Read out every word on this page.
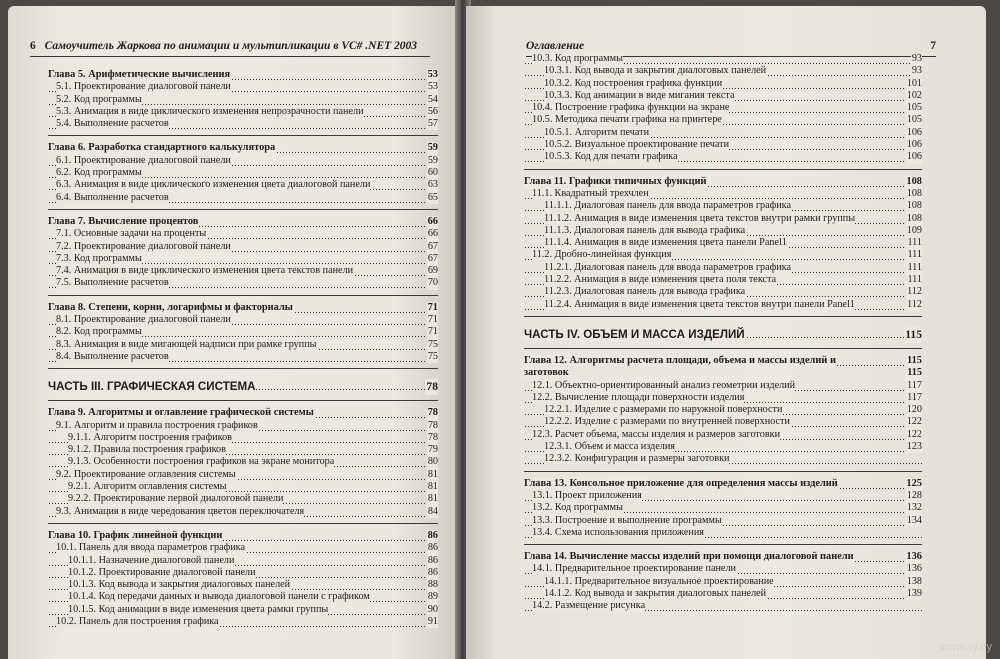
6 Самоучитель Жаркова по анимации и мультипликации в VC# .NET 2003
Глава 5. Арифметические вычисления	53
5.1. Проектирование диалоговой панели	53
5.2. Код программы	54
5.3. Анимация в виде циклического изменения непрозрачности панели	56
5.4. Выполнение расчетов	57
Глава 6. Разработка стандартного калькулятора	59
6.1. Проектирование диалоговой панели	59
6.2. Код программы	60
6.3. Анимация в виде циклического изменения цвета диалоговой панели	63
6.4. Выполнение расчетов	65
Глава 7. Вычисление процентов	66
7.1. Основные задачи на проценты	66
7.2. Проектирование диалоговой панели	67
7.3. Код программы	67
7.4. Анимация в виде циклического изменения цвета текстов панели	69
7.5. Выполнение расчетов	70
Глава 8. Степени, корни, логарифмы и факториалы	71
8.1. Проектирование диалоговой панели	71
8.2. Код программы	71
8.3. Анимация в виде мигающей надписи при рамке группы	75
8.4. Выполнение расчетов	75
ЧАСТЬ III. ГРАФИЧЕСКАЯ СИСТЕМА	78
Глава 9. Алгоритмы и оглавление графической системы	78
9.1. Алгоритм и правила построения графиков	78
9.1.1. Алгоритм построения графиков	78
9.1.2. Правила построения графиков	79
9.1.3. Особенности построения графиков на экране монитора	80
9.2. Проектирование оглавления системы	81
9.2.1. Алгоритм оглавления системы	81
9.2.2. Проектирование первой диалоговой панели	81
9.3. Анимация в виде чередования цветов переключателя	84
Глава 10. График линейной функции	86
10.1. Панель для ввода параметров графика	86
10.1.1. Назначение диалоговой панели	86
10.1.2. Проектирование диалоговой панели	86
10.1.3. Код вывода и закрытия диалоговых панелей	88
10.1.4. Код передачи данных и вывода диалоговой панели с графиком	89
10.1.5. Код анимации в виде изменения цвета рамки группы	90
10.2. Панель для построения графика	91
Оглавление	7
10.3. Код программы	93
10.3.1. Код вывода и закрытия диалоговых панелей	93
10.3.2. Код построения графика функции	101
10.3.3. Код анимации в виде мигания текста	102
10.4. Построение графика функции на экране	105
10.5. Методика печати графика на принтере	105
10.5.1. Алгоритм печати	106
10.5.2. Визуальное проектирование печати	106
10.5.3. Код для печати графика	106
Глава 11. Графики типичных функций	108
11.1. Квадратный трехчлен	108
11.1.1. Диалоговая панель для ввода параметров графика	108
11.1.2. Анимация в виде изменения цвета текстов внутри рамки группы	108
11.1.3. Диалоговая панель для вывода графика	109
11.1.4. Анимация в виде изменения цвета панели Panel1	111
11.2. Дробно-линейная функция	111
11.2.1. Диалоговая панель для ввода параметров графика	111
11.2.2. Анимация в виде изменения цвета поля текста	111
11.2.3. Диалоговая панель для вывода графика	112
11.2.4. Анимация в виде изменения цвета текстов внутри панели Panel1	112
ЧАСТЬ IV. ОБЪЕМ И МАССА ИЗДЕЛИЙ	115
Глава 12. Алгоритмы расчета площади, объема и массы изделий и	115
заготовок	115
12.1. Объектно-ориентированный анализ геометрии изделий	117
12.2. Вычисление площади поверхности изделия	117
12.2.1. Изделие с размерами по наружной поверхности	120
12.2.2. Изделие с размерами по внутренней поверхности	122
12.3. Расчет объема, массы изделия и размеров заготовки	122
12.3.1. Объем и масса изделия	123
12.3.2. Конфигурация и размеры заготовки
Глава 13. Консольное приложение для определения массы изделий	125
13.1. Проект приложения	128
13.2. Код программы	132
13.3. Построение и выполнение программы	134
13.4. Схема использования приложения
Глава 14. Вычисление массы изделий при помощи диалоговой панели	136
14.1. Предварительное проектирование панели	136
14.1.1. Предварительное визуальное проектирование	138
14.1.2. Код вывода и закрытия диалоговых панелей	139
14.2. Размещение рисунка
www.ay.by
